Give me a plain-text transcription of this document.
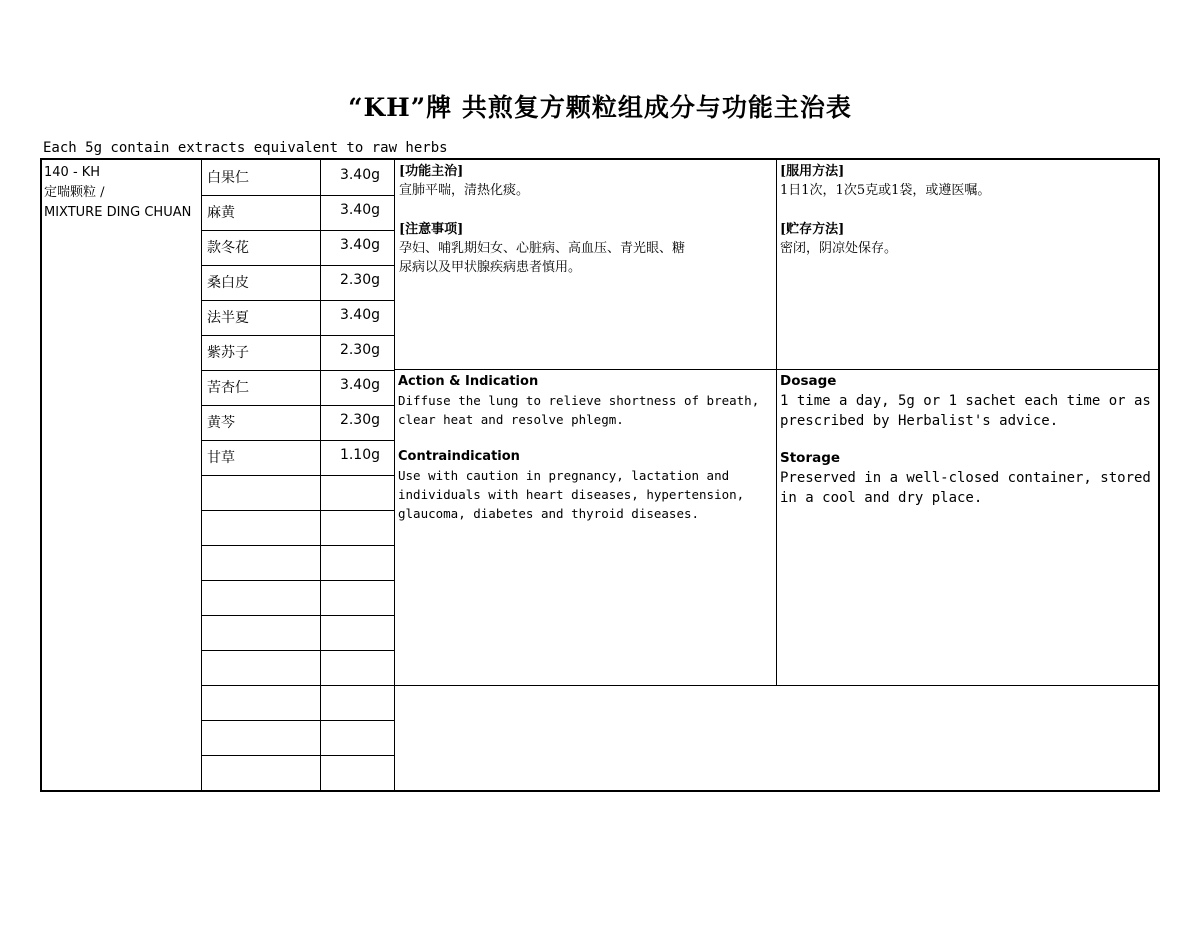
“KH”牌 共煎复方颗粒组成分与功能主治表
Each 5g contain extracts equivalent to raw herbs
140 - KH
定喘颗粒 /
MIXTURE DING CHUAN
白果仁	3.40g
麻黄	3.40g
款冬花	3.40g
桑白皮	2.30g
法半夏	3.40g
紫苏子	2.30g
苦杏仁	3.40g
黄芩	2.30g
甘草	1.10g
[功能主治]
宣肺平喘，清热化痰。
[注意事项]
孕妇、哺乳期妇女、心脏病、高血压、青光眼、糖
尿病以及甲状腺疾病患者慎用。
[服用方法]
1日1次，1次5克或1袋，或遵医嘱。
[贮存方法]
密闭，阴凉处保存。
Action & Indication
Diffuse the lung to relieve shortness of breath,
clear heat and resolve phlegm.
Contraindication
Use with caution in pregnancy, lactation and
individuals with heart diseases, hypertension,
glaucoma, diabetes and thyroid diseases.
Dosage
1 time a day, 5g or 1 sachet each time or as
prescribed by Herbalist's advice.
Storage
Preserved in a well-closed container, stored
in a cool and dry place.
